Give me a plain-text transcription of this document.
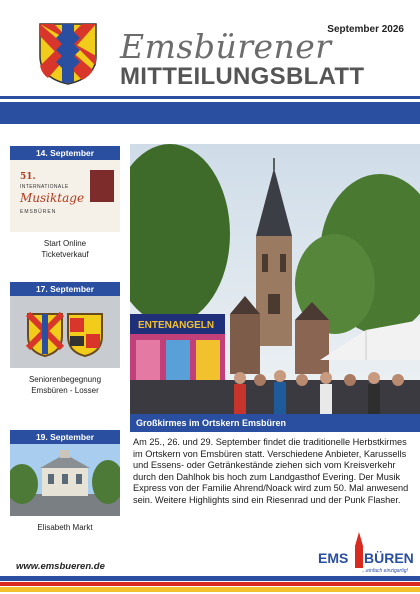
September 2026
Emsbürener
MITTEILUNGSBLATT
14. September
51.
INTERNATIONALE
Musiktage
EMSBÜREN
Start Online
Ticketverkauf
17. September
Seniorenbegegnung
Emsbüren - Losser
19. September
Elisabeth Markt
ENTENANGELN
Großkirmes im Ortskern Emsbüren
Am 25., 26. und 29. September findet die traditionelle Herbstkirmes im Ortskern von Emsbüren statt. Verschiedene Anbieter, Karussells und Essens- oder Getränkestände ziehen sich vom Kreisverkehr durch den Dahlhok bis hoch zum Landgasthof Evering. Der Musik Express von der Familie Ahrend/Noack wird zum 50. Mal anwesend sein. Weitere Highlights sind ein Riesenrad und der Punk Flasher.
www.emsbueren.de
EMS BÜREN
...einfach einzigartig!
